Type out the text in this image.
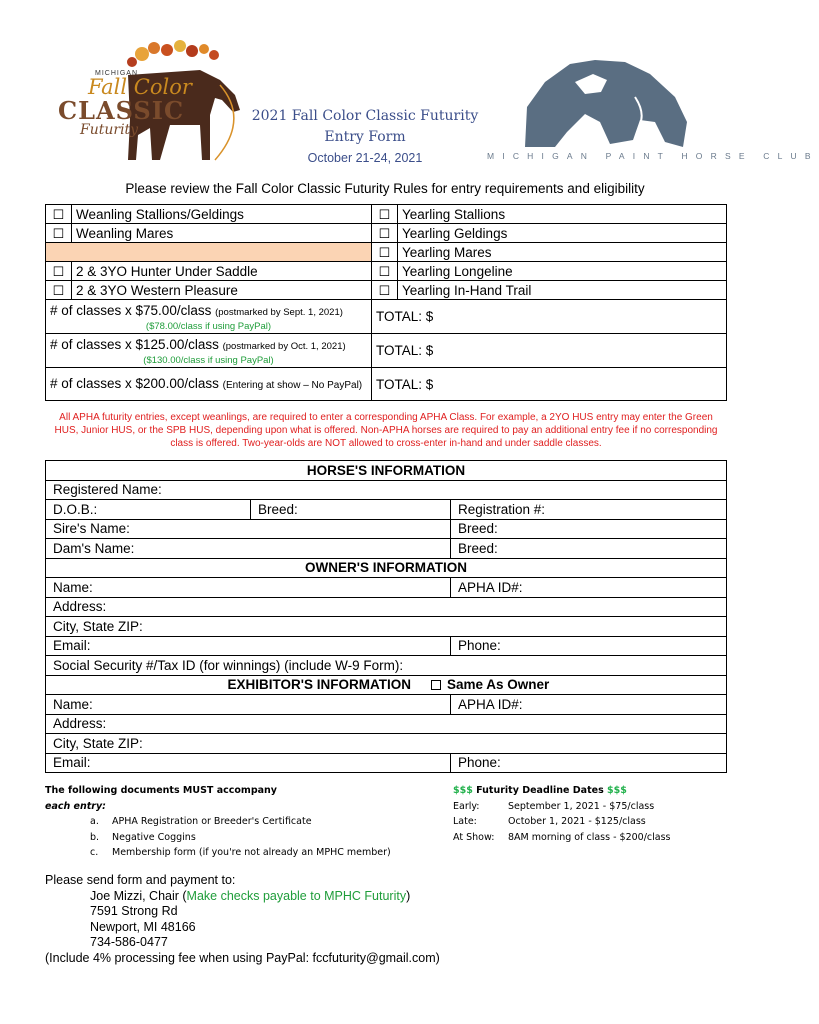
MICHIGAN
Fall Color
CLASSIC
Futurity
2021 Fall Color Classic Futurity
Entry Form
October 21-24, 2021	MICHIGAN PAINT HORSE CLUB
Please review the Fall Color Classic Futurity Rules for entry requirements and eligibility
☐	Weanling Stallions/Geldings	☐	Yearling Stallions
☐	Weanling Mares	☐	Yearling Geldings
		☐	Yearling Mares
☐	2 & 3YO Hunter Under Saddle	☐	Yearling Longeline
☐	2 & 3YO Western Pleasure	☐	Yearling In-Hand Trail

# of classes x $75.00/class (postmarked by Sept. 1, 2021)
($78.00/class if using PayPal)		TOTAL: $	

# of classes x $125.00/class (postmarked by Oct. 1, 2021)
($130.00/class if using PayPal)		TOTAL: $	
# of classes x $200.00/class (Entering at show – No PayPal)		TOTAL: $	
All APHA futurity entries, except weanlings, are required to enter a corresponding APHA Class. For example, a 2YO HUS entry may enter the Green HUS, Junior HUS, or the SPB HUS, depending upon what is offered. Non-APHA horses are required to pay an additional entry fee if no corresponding class is offered. Two-year-olds are NOT allowed to cross-enter in-hand and under saddle classes.
HORSE'S INFORMATION		
Registered Name:		
D.O.B.:	Breed:	Registration #:
Sire's Name:		Breed:
Dam's Name:		Breed:
OWNER'S INFORMATION		
Name:		APHA ID#:
Address:		
City, State ZIP:		
Email:		Phone:
Social Security #/Tax ID (for winnings) (include W-9 Form):		

EXHIBITOR'S INFORMATION Same As Owner		

Name:		APHA ID#:
Address:		
City, State ZIP:		
Email:		Phone:
The following documents MUST accompany
each entry:
a. APHA Registration or Breeder's Certificate
b. Negative Coggins
c. Membership form (if you're not already an MPHC member)
$$$ Futurity Deadline Dates $$$
Early:	September 1, 2021 - $75/class
Late:	October 1, 2021 - $125/class
At Show: 8AM morning of class - $200/class
Please send form and payment to:
Joe Mizzi, Chair (Make checks payable to MPHC Futurity)
7591 Strong Rd
Newport, MI 48166
734-586-0477
(Include 4% processing fee when using PayPal: fccfuturity@gmail.com)
